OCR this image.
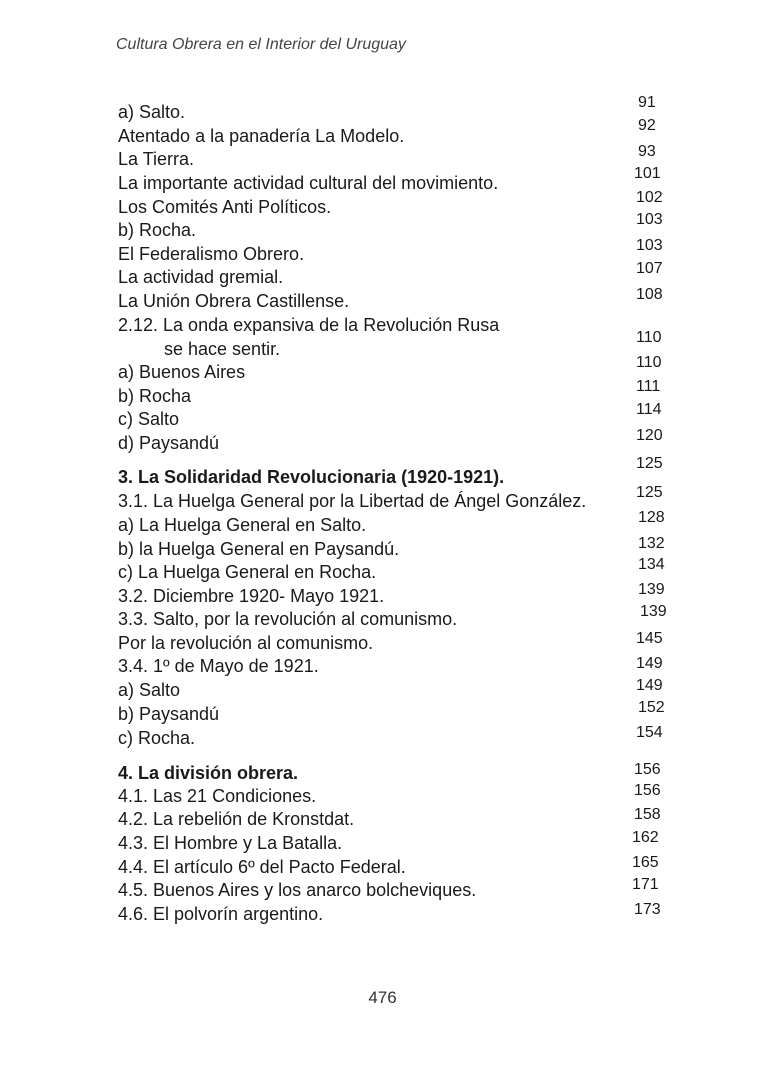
Cultura Obrera en el Interior del Uruguay
a) Salto.
Atentado a la panadería La Modelo.
La Tierra.
La importante actividad cultural del movimiento.
Los Comités Anti Políticos.
b) Rocha.
El Federalismo Obrero.
La actividad gremial.
La Unión Obrera Castillense.
2.12. La onda expansiva de la Revolución Rusa
se hace sentir.
a) Buenos Aires
b) Rocha
c) Salto
d) Paysandú
3. La Solidaridad Revolucionaria (1920-1921).
3.1. La Huelga General por la Libertad de Ángel González.
a) La Huelga General en Salto.
b) la Huelga General en Paysandú.
c) La Huelga General en Rocha.
3.2. Diciembre 1920- Mayo 1921.
3.3. Salto, por la revolución al comunismo.
Por la revolución al comunismo.
3.4. 1º de Mayo de 1921.
a) Salto
b) Paysandú
c) Rocha.
4. La división obrera.
4.1. Las 21 Condiciones.
4.2. La rebelión de Kronstdat.
4.3. El Hombre y La Batalla.
4.4. El artículo 6º del Pacto Federal.
4.5. Buenos Aires y los anarco bolcheviques.
4.6. El polvorín argentino.
91
92
93
101
102
103
103
107
108
110
110
111
114
120
125
125
128
132
134
139
139
145
149
149
152
154
156
156
158
162
165
171
173
476
